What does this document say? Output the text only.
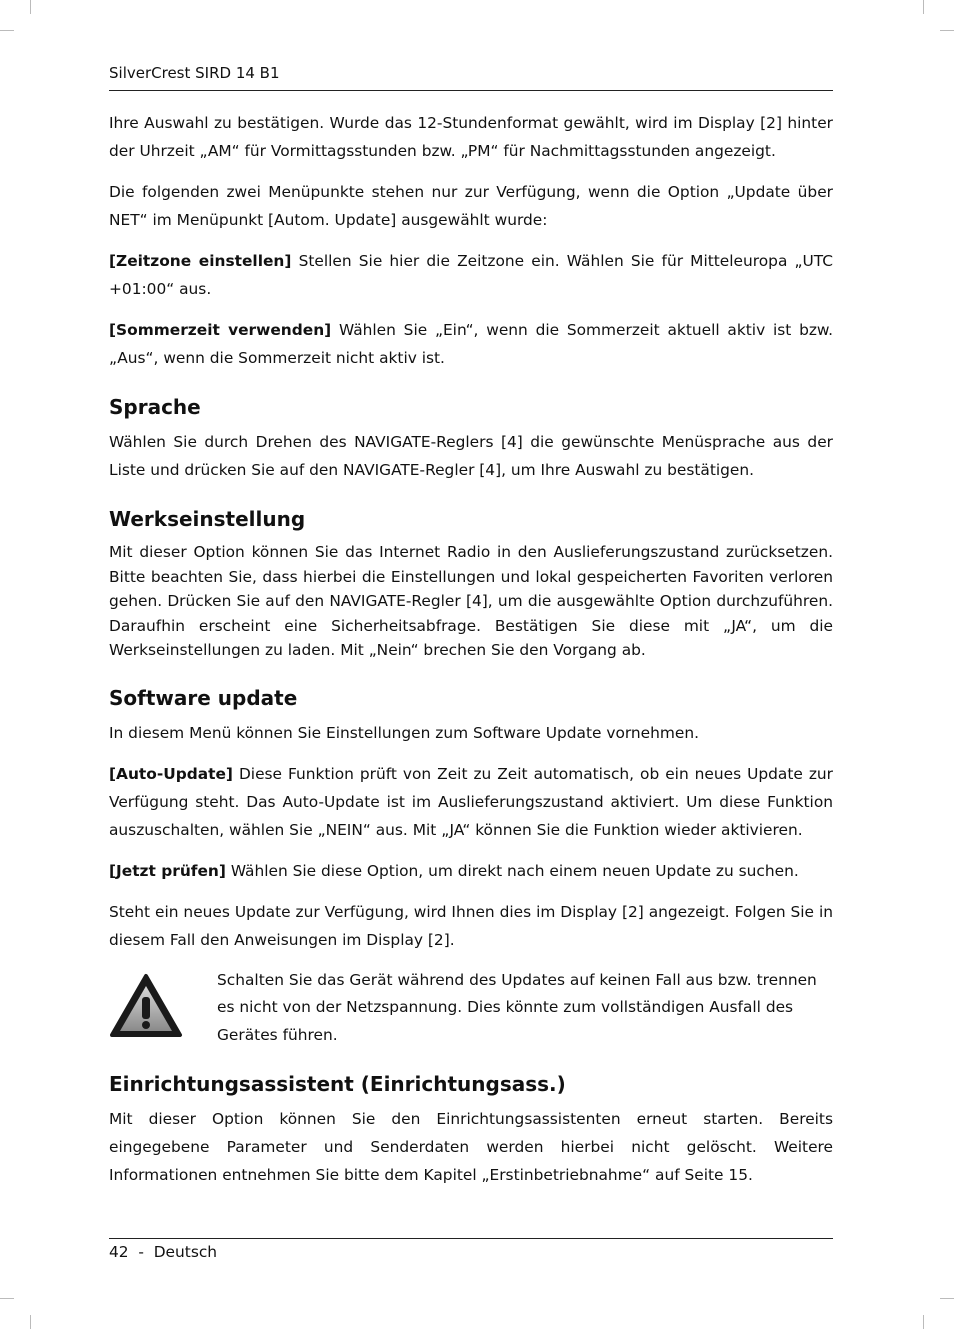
SilverCrest SIRD 14 B1

Ihre Auswahl zu bestätigen. Wurde das 12-Stundenformat gewählt, wird im Display [2] hinter der Uhrzeit „AM“ für Vormittagsstunden bzw. „PM“ für Nachmittagsstunden angezeigt.

Die folgenden zwei Menüpunkte stehen nur zur Verfügung, wenn die Option „Update über NET“ im Menüpunkt [Autom. Update] ausgewählt wurde:

[Zeitzone einstellen] Stellen Sie hier die Zeitzone ein. Wählen Sie für Mitteleuropa „UTC +01:00“ aus.

[Sommerzeit verwenden] Wählen Sie „Ein“, wenn die Sommerzeit aktuell aktiv ist bzw. „Aus“, wenn die Sommerzeit nicht aktiv ist.

Sprache

Wählen Sie durch Drehen des NAVIGATE-Reglers [4] die gewünschte Menüsprache aus der Liste und drücken Sie auf den NAVIGATE-Regler [4], um Ihre Auswahl zu bestätigen.

Werkseinstellung

Mit dieser Option können Sie das Internet Radio in den Auslieferungszustand zurücksetzen. Bitte beachten Sie, dass hierbei die Einstellungen und lokal gespeicherten Favoriten verloren gehen. Drücken Sie auf den NAVIGATE-Regler [4], um die ausgewählte Option durchzuführen. Daraufhin erscheint eine Sicherheitsabfrage. Bestätigen Sie diese mit „JA“, um die Werkseinstellungen zu laden. Mit „Nein“ brechen Sie den Vorgang ab.

Software update

In diesem Menü können Sie Einstellungen zum Software Update vornehmen.

[Auto-Update] Diese Funktion prüft von Zeit zu Zeit automatisch, ob ein neues Update zur Verfügung steht. Das Auto-Update ist im Auslieferungszustand aktiviert. Um diese Funktion auszuschalten, wählen Sie „NEIN“ aus. Mit „JA“ können Sie die Funktion wieder aktivieren.

[Jetzt prüfen] Wählen Sie diese Option, um direkt nach einem neuen Update zu suchen.

Steht ein neues Update zur Verfügung, wird Ihnen dies im Display [2] angezeigt. Folgen Sie in diesem Fall den Anweisungen im Display [2].

Schalten Sie das Gerät während des Updates auf keinen Fall aus bzw. trennen es nicht von der Netzspannung. Dies könnte zum vollständigen Ausfall des Gerätes führen.

Einrichtungsassistent (Einrichtungsass.)

Mit dieser Option können Sie den Einrichtungsassistenten erneut starten. Bereits eingegebene Parameter und Senderdaten werden hierbei nicht gelöscht. Weitere Informationen entnehmen Sie bitte dem Kapitel „Erstinbetriebnahme“ auf Seite 15.

42  -  Deutsch
